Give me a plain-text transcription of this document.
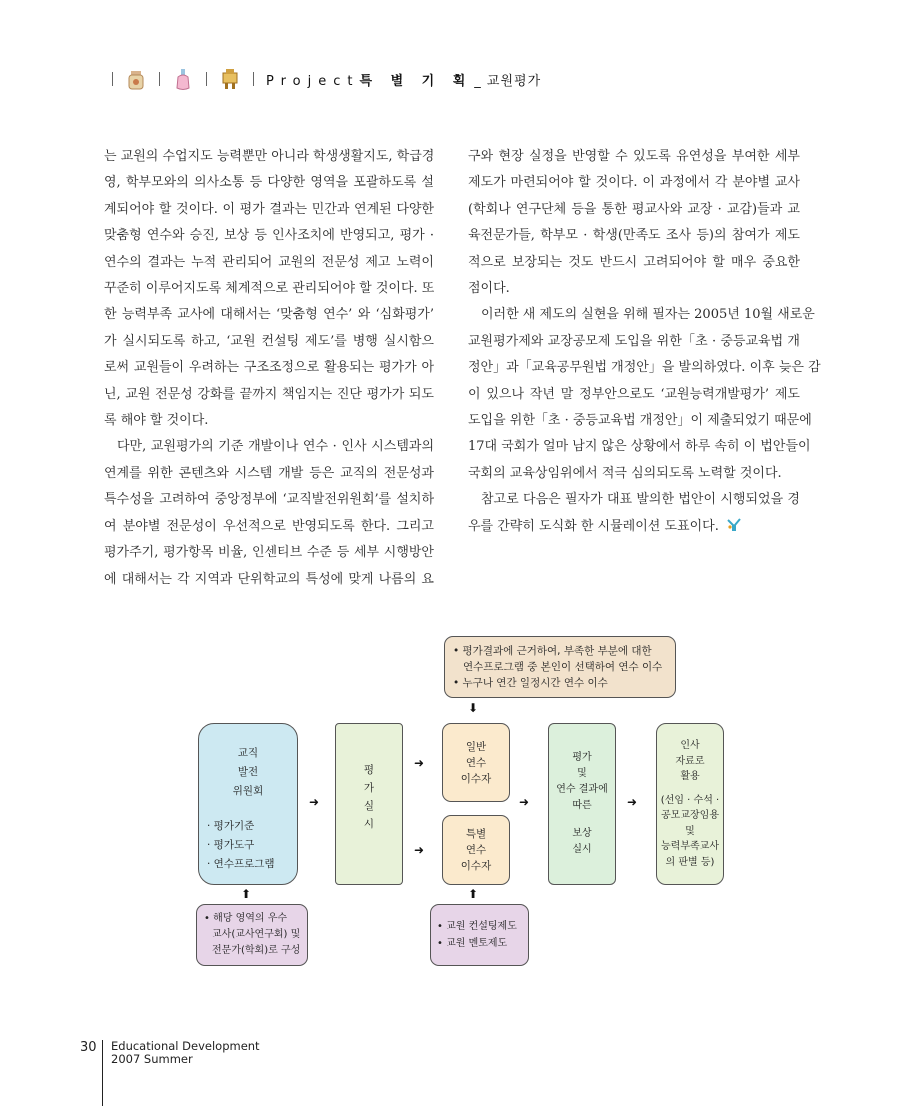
Project특 별 기 획 _ 교원평가
는 교원의 수업지도 능력뿐만 아니라 학생생활지도, 학급경
영, 학부모와의 의사소통 등 다양한 영역을 포괄하도록 설
계되어야 할 것이다. 이 평가 결과는 민간과 연계된 다양한
맞춤형 연수와 승진, 보상 등 인사조치에 반영되고, 평가 ·
연수의 결과는 누적 관리되어 교원의 전문성 제고 노력이
꾸준히 이루어지도록 체계적으로 관리되어야 할 것이다. 또
한 능력부족 교사에 대해서는 ‘맞춤형 연수’ 와 ‘심화평가’
가 실시되도록 하고, ‘교원 컨설팅 제도’를 병행 실시함으
로써 교원들이 우려하는 구조조정으로 활용되는 평가가 아
닌, 교원 전문성 강화를 끝까지 책임지는 진단 평가가 되도
록 해야 할 것이다.
다만, 교원평가의 기준 개발이나 연수 · 인사 시스템과의
연계를 위한 콘텐츠와 시스템 개발 등은 교직의 전문성과
특수성을 고려하여 중앙정부에 ‘교직발전위원회’를 설치하
여 분야별 전문성이 우선적으로 반영되도록 한다. 그리고
평가주기, 평가항목 비율, 인센티브 수준 등 세부 시행방안
에 대해서는 각 지역과 단위학교의 특성에 맞게 나름의 요
구와 현장 실정을 반영할 수 있도록 유연성을 부여한 세부
제도가 마련되어야 할 것이다. 이 과정에서 각 분야별 교사
(학회나 연구단체 등을 통한 평교사와 교장 · 교감)들과 교
육전문가들, 학부모 · 학생(만족도 조사 등)의 참여가 제도
적으로 보장되는 것도 반드시 고려되어야 할 매우 중요한
점이다.
이러한 새 제도의 실현을 위해 필자는 2005년 10월 새로운
교원평가제와 교장공모제 도입을 위한「초 · 중등교육법 개
정안」과「교육공무원법 개정안」을 발의하였다. 이후 늦은 감
이 있으나 작년 말 정부안으로도 ‘교원능력개발평가’ 제도
도입을 위한「초 · 중등교육법 개정안」이 제출되었기 때문에
17대 국회가 얼마 남지 않은 상황에서 하루 속히 이 법안들이
국회의 교육상임위에서 적극 심의되도록 노력할 것이다.
참고로 다음은 필자가 대표 발의한 법안이 시행되었을 경
우를 간략히 도식화 한 시뮬레이션 도표이다.
• 평가결과에 근거하여, 부족한 부분에 대한
연수프로그램 중 본인이 선택하여 연수 이수
• 누구나 연간 일정시간 연수 이수
⬇
교직
발전
위원회
· 평가기준
· 평가도구
· 연수프로그램
⬆
• 해당 영역의 우수
교사(교사연구회) 및
전문가(학회)로 구성
➜
평
가
실
시
➜
➜
일반
연수
이수자
특별
연수
이수자
⬆
• 교원 컨설팅제도
• 교원 멘토제도
➜
평가
및
연수 결과에
따른
보상
실시
➜
인사
자료로
활용
(선임 · 수석 ·
공모교장임용
및
능력부족교사
의 판별 등)
30 Educational Development
2007 Summer
